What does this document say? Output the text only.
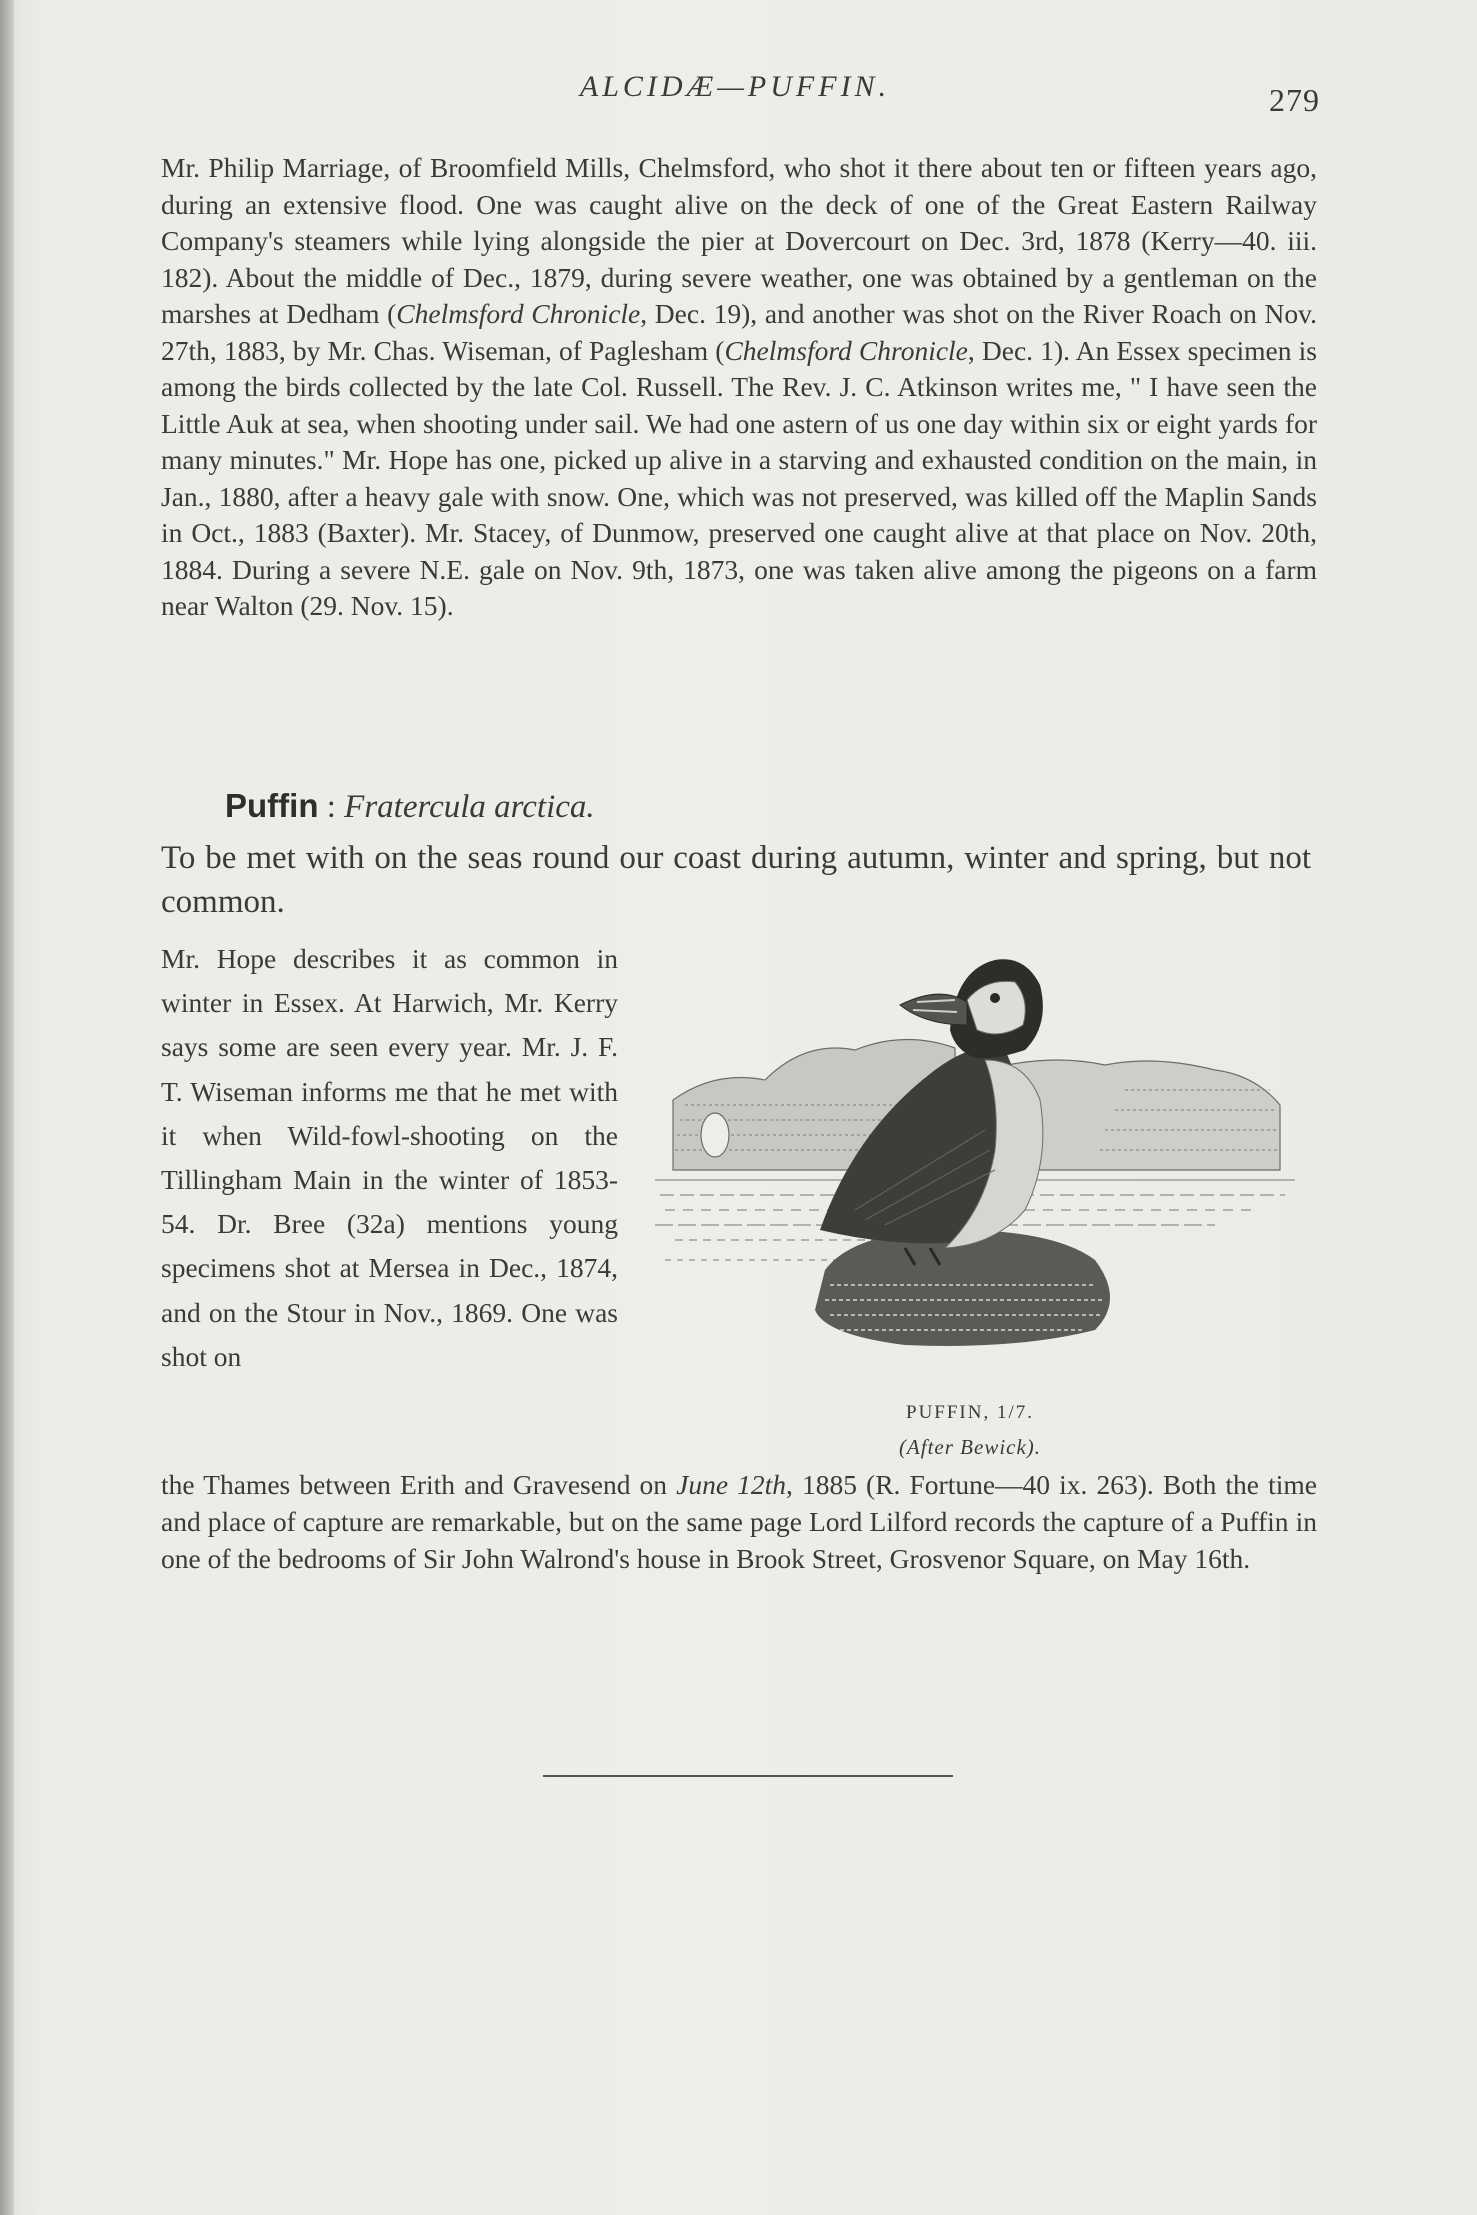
ALCIDÆ—PUFFIN.	279
Mr. Philip Marriage, of Broomfield Mills, Chelmsford, who shot it there about ten or fifteen years ago, during an extensive flood. One was caught alive on the deck of one of the Great Eastern Railway Company's steamers while lying alongside the pier at Dovercourt on Dec. 3rd, 1878 (Kerry—40. iii. 182). About the middle of Dec., 1879, during severe weather, one was obtained by a gentleman on the marshes at Dedham (Chelmsford Chronicle, Dec. 19), and another was shot on the River Roach on Nov. 27th, 1883, by Mr. Chas. Wiseman, of Paglesham (Chelmsford Chronicle, Dec. 1). An Essex specimen is among the birds collected by the late Col. Russell. The Rev. J. C. Atkinson writes me, " I have seen the Little Auk at sea, when shooting under sail. We had one astern of us one day within six or eight yards for many minutes." Mr. Hope has one, picked up alive in a starving and exhausted condition on the main, in Jan., 1880, after a heavy gale with snow. One, which was not preserved, was killed off the Maplin Sands in Oct., 1883 (Baxter). Mr. Stacey, of Dunmow, preserved one caught alive at that place on Nov. 20th, 1884. During a severe N.E. gale on Nov. 9th, 1873, one was taken alive among the pigeons on a farm near Walton (29. Nov. 15).
Puffin : Fratercula arctica.
To be met with on the seas round our coast during autumn, winter and spring, but not common.
Mr. Hope describes it as common in winter in Essex. At Harwich, Mr. Kerry says some are seen every year. Mr. J. F. T. Wiseman informs me that he met with it when Wild-fowl-shooting on the Tillingham Main in the winter of 1853-54. Dr. Bree (32a) mentions young specimens shot at Mersea in Dec., 1874, and on the Stour in Nov., 1869. One was shot on
PUFFIN, 1/7.
(After Bewick).
the Thames between Erith and Gravesend on June 12th, 1885 (R. Fortune—40 ix. 263). Both the time and place of capture are remarkable, but on the same page Lord Lilford records the capture of a Puffin in one of the bedrooms of Sir John Walrond's house in Brook Street, Grosvenor Square, on May 16th.
